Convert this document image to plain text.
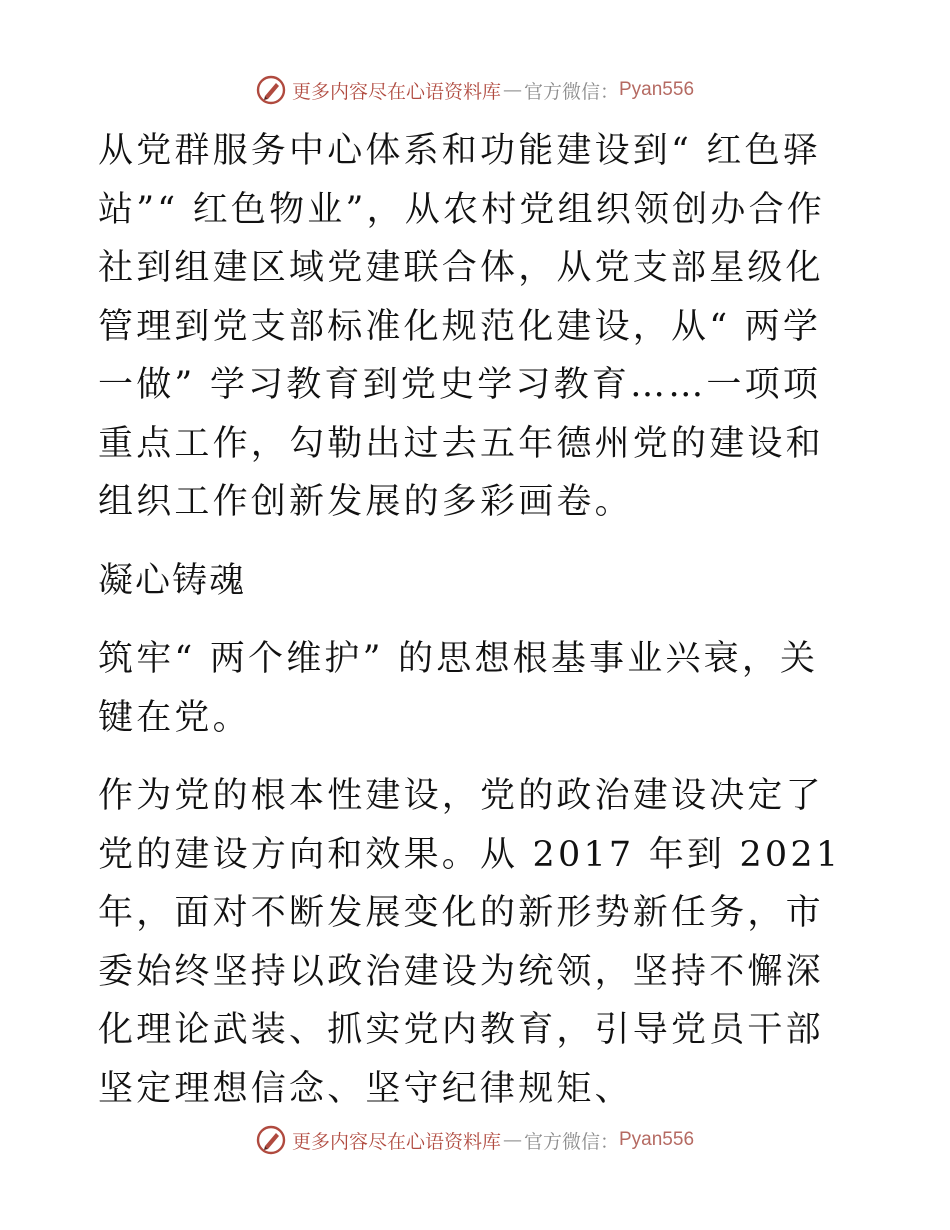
更多内容尽在心语资料库 — 官方微信： Pyan556

从党群服务中心体系和功能建设到“ 红色驿站”“ 红色物业”，从农村党组织领创办合作社到组建区域党建联合体，从党支部星级化管理到党支部标准化规范化建设，从“ 两学一做” 学习教育到党史学习教育……一项项重点工作，勾勒出过去五年德州党的建设和组织工作创新发展的多彩画卷。

凝心铸魂

筑牢“ 两个维护” 的思想根基事业兴衰，关键在党。

作为党的根本性建设，党的政治建设决定了党的建设方向和效果。从 2017 年到 2021 年，面对不断发展变化的新形势新任务，市委始终坚持以政治建设为统领，坚持不懈深化理论武装、抓实党内教育，引导党员干部坚定理想信念、坚守纪律规矩、

更多内容尽在心语资料库 — 官方微信： Pyan556
